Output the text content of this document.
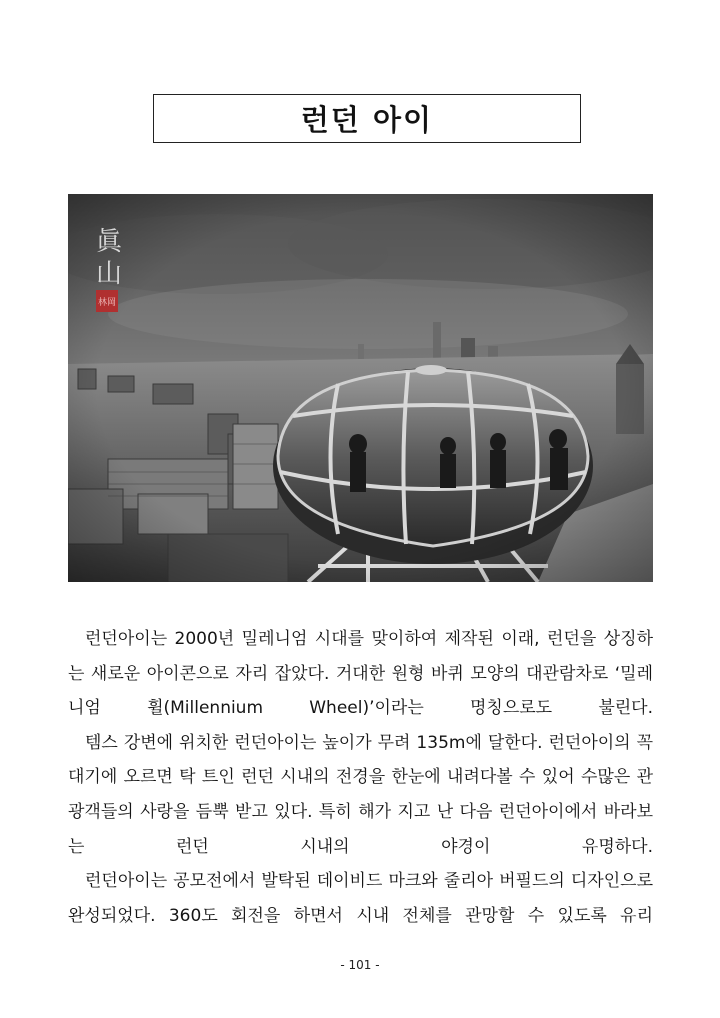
런던 아이
眞
山
林岡

런던아이는 2000년 밀레니엄 시대를 맞이하여 제작된 이래, 런던을 상징하는 새로운 아이콘으로 자리 잡았다. 거대한 원형 바퀴 모양의 대관람차로 ‘밀레니엄 휠(Millennium Wheel)’이라는 명칭으로도 불린다.

템스 강변에 위치한 런던아이는 높이가 무려 135m에 달한다. 런던아이의 꼭대기에 오르면 탁 트인 런던 시내의 전경을 한눈에 내려다볼 수 있어 수많은 관광객들의 사랑을 듬뿍 받고 있다. 특히 해가 지고 난 다음 런던아이에서 바라보는 런던 시내의 야경이 유명하다.

런던아이는 공모전에서 발탁된 데이비드 마크와 줄리아 버필드의 디자인으로 완성되었다. 360도 회전을 하면서 시내 전체를 관망할 수 있도록 유리

- 101 -
